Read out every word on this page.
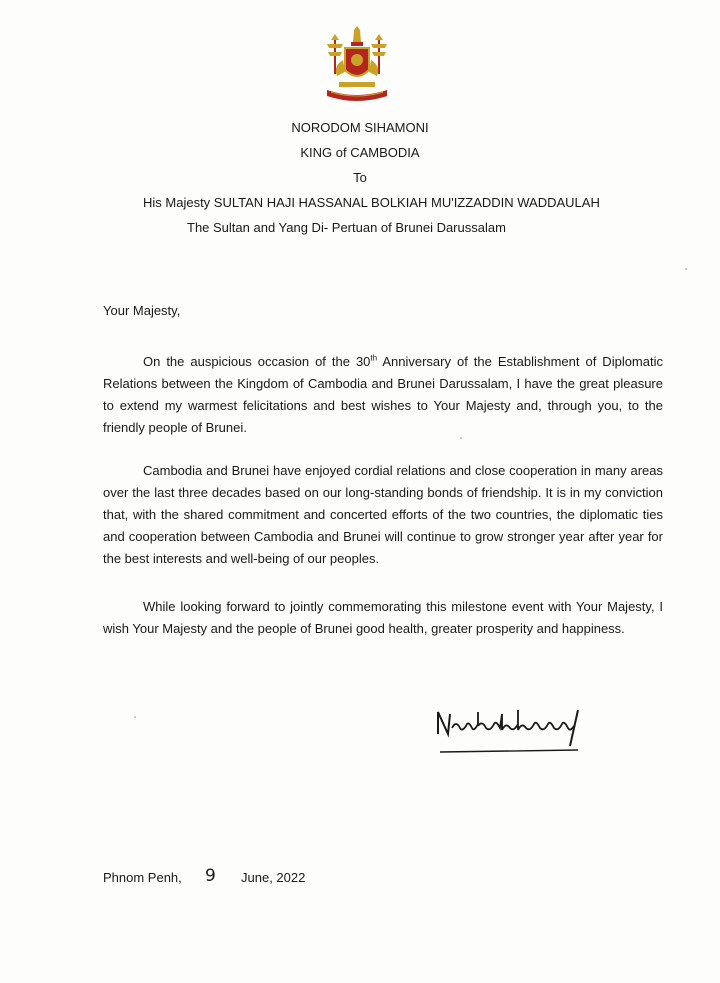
NORODOM SIHAMONI
KING of CAMBODIA
To
His Majesty SULTAN HAJI HASSANAL BOLKIAH MU'IZZADDIN WADDAULAH
The Sultan and Yang Di- Pertuan of Brunei Darussalam
Your Majesty,

On the auspicious occasion of the 30th Anniversary of the Establishment of Diplomatic Relations between the Kingdom of Cambodia and Brunei Darussalam, I have the great pleasure to extend my warmest felicitations and best wishes to Your Majesty and, through you, to the friendly people of Brunei.

Cambodia and Brunei have enjoyed cordial relations and close cooperation in many areas over the last three decades based on our long-standing bonds of friendship. It is in my conviction that, with the shared commitment and concerted efforts of the two countries, the diplomatic ties and cooperation between Cambodia and Brunei will continue to grow stronger year after year for the best interests and well-being of our peoples.

While looking forward to jointly commemorating this milestone event with Your Majesty, I wish Your Majesty and the people of Brunei good health, greater prosperity and happiness.

Phnom Penh, 9 June, 2022
